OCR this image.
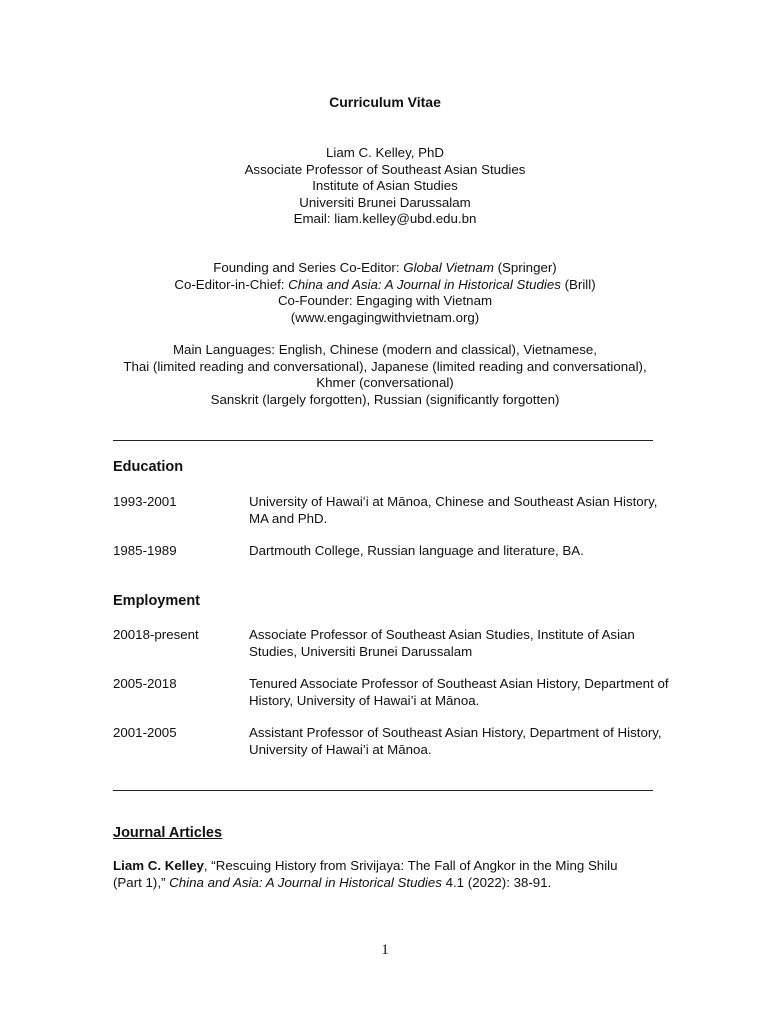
Curriculum Vitae
Liam C. Kelley, PhD
Associate Professor of Southeast Asian Studies
Institute of Asian Studies
Universiti Brunei Darussalam
Email: liam.kelley@ubd.edu.bn
Founding and Series Co-Editor: Global Vietnam (Springer)
Co-Editor-in-Chief: China and Asia: A Journal in Historical Studies (Brill)
Co-Founder: Engaging with Vietnam
(www.engagingwithvietnam.org)
Main Languages: English, Chinese (modern and classical), Vietnamese,
Thai (limited reading and conversational), Japanese (limited reading and conversational),
Khmer (conversational)
Sanskrit (largely forgotten), Russian (significantly forgotten)
Education
1993-2001	University of Hawaiʻi at Mānoa, Chinese and Southeast Asian History, MA and PhD.
1985-1989	Dartmouth College, Russian language and literature, BA.
Employment
20018-present	Associate Professor of Southeast Asian Studies, Institute of Asian Studies, Universiti Brunei Darussalam
2005-2018	Tenured Associate Professor of Southeast Asian History, Department of History, University of Hawai’i at Mānoa.
2001-2005	Assistant Professor of Southeast Asian History, Department of History, University of Hawai’i at Mānoa.
Journal Articles
Liam C. Kelley, “Rescuing History from Srivijaya: The Fall of Angkor in the Ming Shilu
(Part 1),” China and Asia: A Journal in Historical Studies 4.1 (2022): 38-91.
1
